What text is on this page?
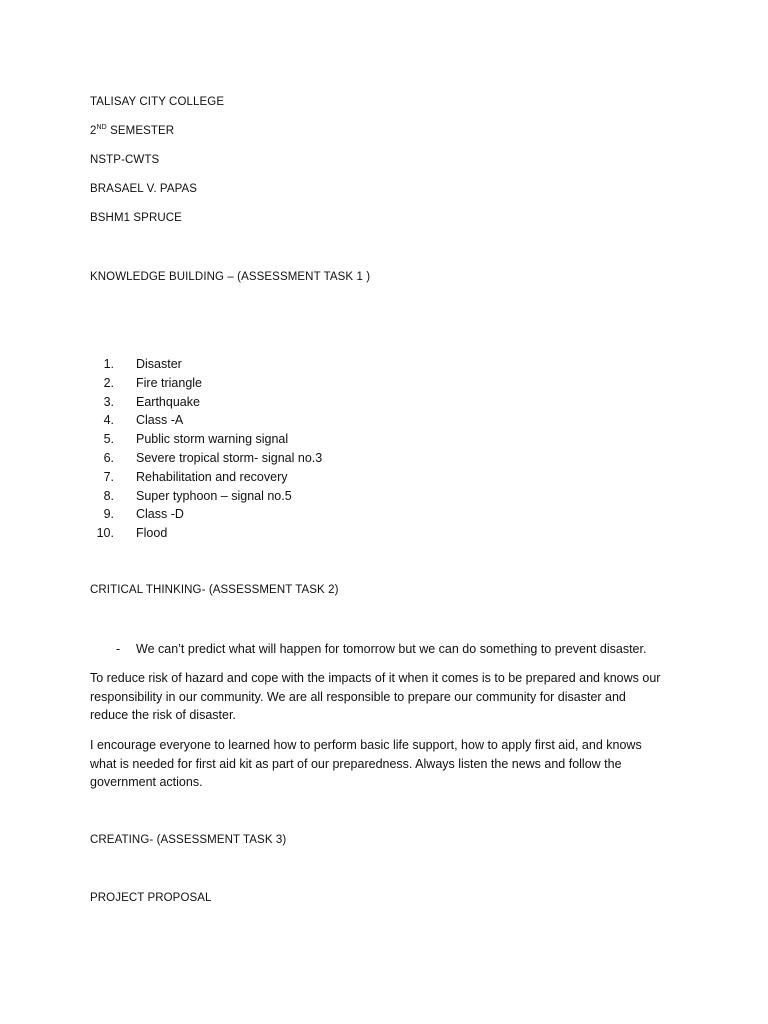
TALISAY CITY COLLEGE
2ND SEMESTER
NSTP-CWTS
BRASAEL V. PAPAS
BSHM1 SPRUCE
KNOWLEDGE BUILDING – (ASSESSMENT TASK 1 )
1. Disaster
2. Fire triangle
3. Earthquake
4. Class -A
5. Public storm warning signal
6. Severe tropical storm- signal no.3
7. Rehabilitation and recovery
8. Super typhoon – signal no.5
9. Class -D
10. Flood
CRITICAL THINKING- (ASSESSMENT TASK 2)
- We can’t predict what will happen for tomorrow but we can do something to prevent disaster.
To reduce risk of hazard and cope with the impacts of it when it comes is to be prepared and knows our
responsibility in our community. We are all responsible to prepare our community for disaster and
reduce the risk of disaster.
I encourage everyone to learned how to perform basic life support, how to apply first aid, and knows
what is needed for first aid kit as part of our preparedness. Always listen the news and follow the
government actions.
CREATING- (ASSESSMENT TASK 3)
PROJECT PROPOSAL
